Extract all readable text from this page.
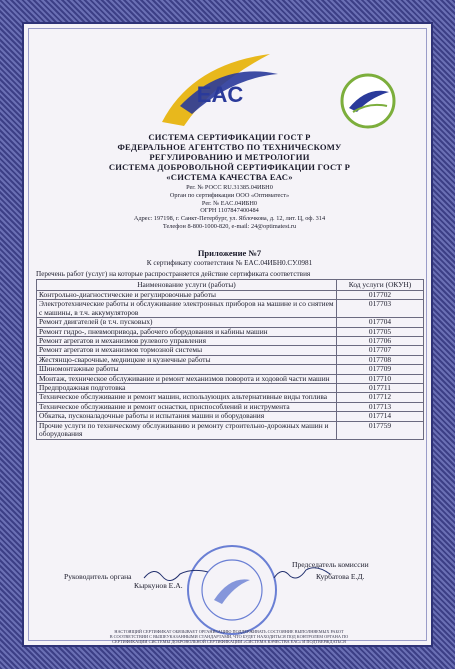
EAC
СИСТЕМА СЕРТИФИКАЦИИ ГОСТ Р
ФЕДЕРАЛЬНОЕ АГЕНТСТВО ПО ТЕХНИЧЕСКОМУ
РЕГУЛИРОВАНИЮ И МЕТРОЛОГИИ
СИСТЕМА ДОБРОВОЛЬНОЙ СЕРТИФИКАЦИИ ГОСТ Р
«СИСТЕМА КАЧЕСТВА ЕАС»
Рег. № РОСС RU.31385.04ИБН0
Орган по сертификации ООО «Оптиматест»
Рег. № EAC.04ИБН0
ОГРН 1107847400484
Адрес: 197198, г. Санкт-Петербург, ул. Яблочкова, д. 12, лит. Ц, оф. 314
Телефон 8-800-1000-820, e-mail: 24@optimatest.ru
Приложение №7
К сертификату соответствия № EAC.04ИБН0.СУ.0981
Перечень работ (услуг) на которые распространяется действие сертификата соответствия
Наименование услуги (работы)	Код услуги (ОКУН)
Контрольно-диагностические и регулировочные работы	017702
Электротехнические работы и обслуживание электронных приборов на машине и со снятием с машины, в т.ч. аккумуляторов	017703
Ремонт двигателей (в т.ч. пусковых)	017704
Ремонт гидро-, пневмопривода, рабочего оборудования и кабины машин	017705
Ремонт агрегатов и механизмов рулевого управления	017706
Ремонт агрегатов и механизмов тормозной системы	017707
Жестянщо-сварочные, медницкие и кузнечные работы	017708
Шиномонтажные работы	017709
Монтаж, техническое обслуживание и ремонт механизмов поворота и ходовой части машин	017710
Предпродажная подготовка	017711
Техническое обслуживание и ремонт машин, использующих альтернативные виды топлива	017712
Техническое обслуживание и ремонт оснастки, приспособлений и инструмента	017713
Обкатка, пусконаладочные работы и испытания машин и оборудования	017714
Прочие услуги по техническому обслуживанию и ремонту строительно-дорожных машин и оборудования	017759
Руководитель органа
Кыркунов Е.А.
Председатель комиссии
Курбатова Е.Д.
НАСТОЯЩИЙ СЕРТИФИКАТ ОБЯЗЫВАЕТ ОРГАНИЗАЦИЮ ПОДДЕРЖИВАТЬ СОСТОЯНИЕ ВЫПОЛНЯЕМЫХ РАБОТ
В СООТВЕТСТВИИ С ВЫШЕУКАЗАННЫМИ СТАНДАРТАМИ, ЧТО БУДЕТ НАХОДИТЬСЯ ПОД КОНТРОЛЕМ ОРГАНА ПО
СЕРТИФИКАЦИИ СИСТЕМЫ ДОБРОВОЛЬНОЙ СЕРТИФИКАЦИИ «СИСТЕМА КАЧЕСТВА ЕАС» И ПОДТВЕРЖДАТЬСЯ
ПРИ ПРОХОЖДЕНИИ ЕЖЕГОДНОГО ИНСПЕКЦИОННОГО КОНТРОЛЯ
